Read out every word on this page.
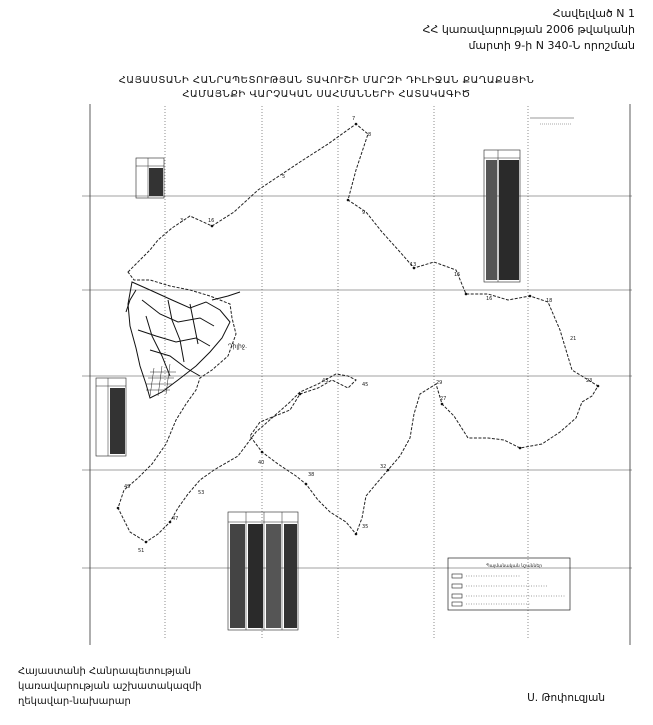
Հավելված N 1
ՀՀ կառավարության 2006 թվականի
մարտի 9-ի N 340-Ն որոշման
ՀԱՅԱՍՏԱՆԻ ՀԱՆՐԱՊԵՏՈՒԹՅԱՆ ՏԱՎՈՒՇԻ ՄԱՐԶԻ ԴԻԼԻՋԱՆ ՔԱՂԱՔԱՅԻՆ
ՀԱՄԱՅՆՔԻ ՎԱՐՉԱԿԱՆ ՍԱՀՄԱՆՆԵՐԻ ՀԱՏԱԿԱԳԻԾ
Դիլիջ.
3	16
5
7
8
9
13
15
16	18
21
23
27
29
32
35
38
40
43
45
47
49
51
53
Պայմանական նշաններ
Հայաստանի Հանրապետության
կառավարության աշխատակազմի
ղեկավար-նախարար	Ս. Թոփուզյան
